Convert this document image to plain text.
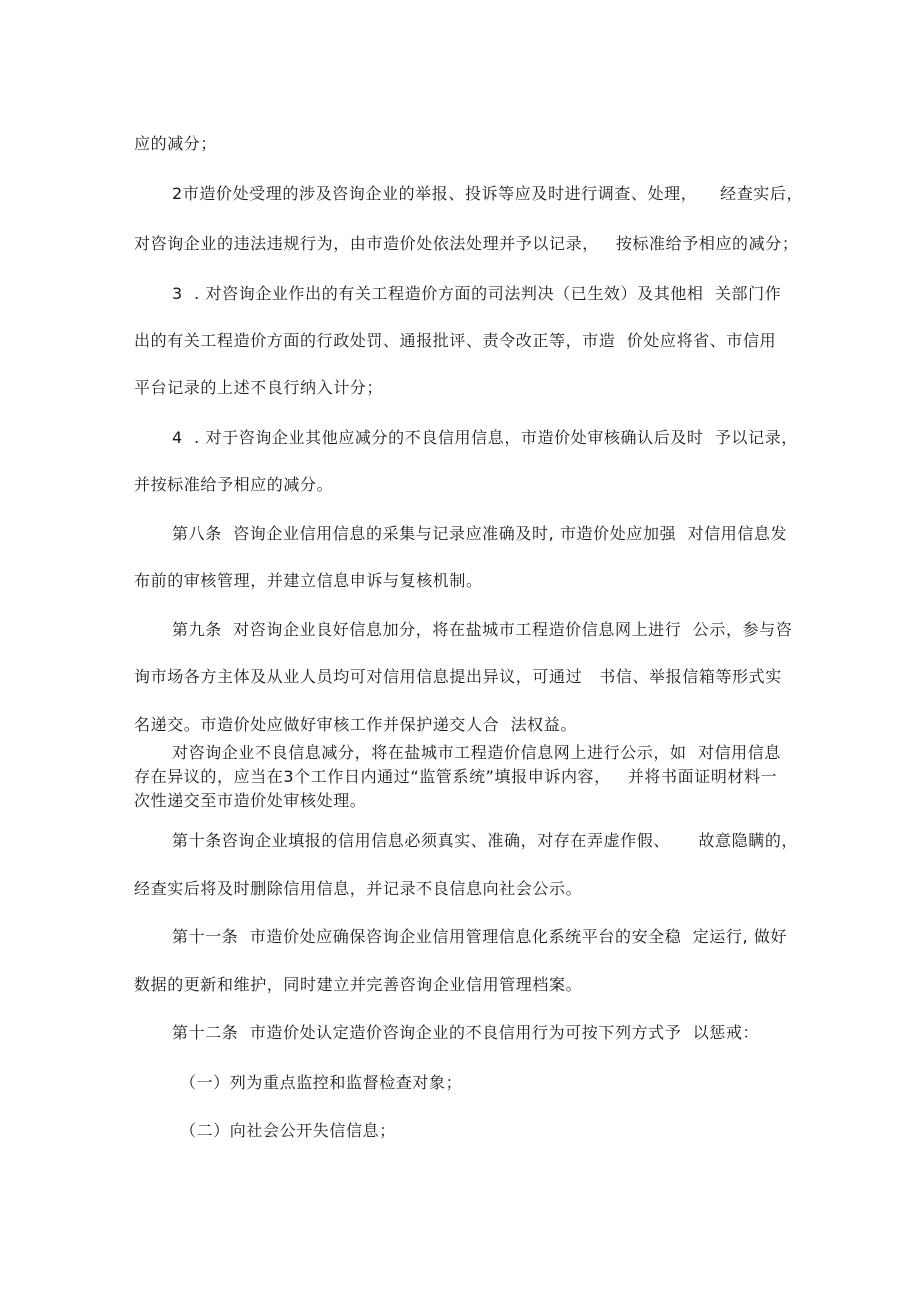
应的减分；
2市造价处受理的涉及咨询企业的举报、投诉等应及时进行调查、处理，    经查实后，
对咨询企业的违法违规行为，由市造价处依法处理并予以记录，   按标准给予相应的减分；
3  . 对咨询企业作出的有关工程造价方面的司法判决（已生效）及其他相  关部门作
出的有关工程造价方面的行政处罚、通报批评、责令改正等，市造  价处应将省、市信用
平台记录的上述不良行纳入计分；
4  . 对于咨询企业其他应减分的不良信用信息，市造价处审核确认后及时  予以记录，
并按标准给予相应的减分。
第八条  咨询企业信用信息的采集与记录应准确及时, 市造价处应加强  对信用信息发
布前的审核管理，并建立信息申诉与复核机制。
第九条  对咨询企业良好信息加分，将在盐城市工程造价信息网上进行  公示，参与咨
询市场各方主体及从业人员均可对信用信息提出异议，可通过   书信、举报信箱等形式实
名递交。市造价处应做好审核工作并保护递交人合  法权益。
对咨询企业不良信息减分，将在盐城市工程造价信息网上进行公示，如  对信用信息
存在异议的，应当在3个工作日内通过“监管系统”填报申诉内容，   并将书面证明材料一
次性递交至市造价处审核处理。
第十条咨询企业填报的信用信息必须真实、准确，对存在弄虚作假、     故意隐瞒的，
经查实后将及时删除信用信息，并记录不良信息向社会公示。
第十一条  市造价处应确保咨询企业信用管理信息化系统平台的安全稳  定运行, 做好
数据的更新和维护，同时建立并完善咨询企业信用管理档案。
第十二条  市造价处认定造价咨询企业的不良信用行为可按下列方式予  以惩戒：
（一）列为重点监控和监督检查对象；
（二）向社会公开失信信息；
